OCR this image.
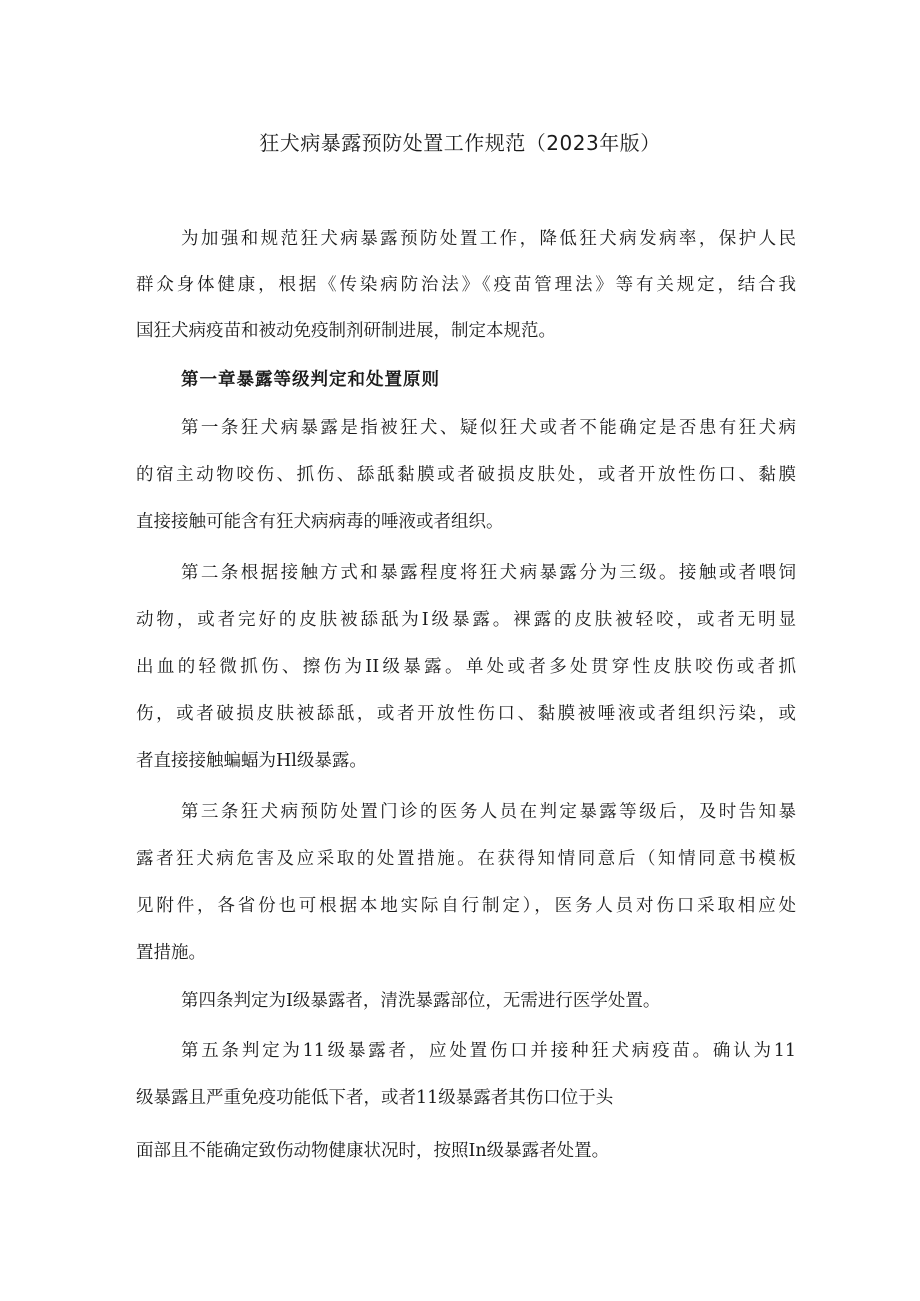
狂犬病暴露预防处置工作规范（2023年版）
为加强和规范狂犬病暴露预防处置工作，降低狂犬病发病率，保护人民
群众身体健康，根据《传染病防治法》《疫苗管理法》等有关规定，结合我
国狂犬病疫苗和被动免疫制剂研制进展，制定本规范。
第一章暴露等级判定和处置原则
第一条狂犬病暴露是指被狂犬、疑似狂犬或者不能确定是否患有狂犬病
的宿主动物咬伤、抓伤、舔舐黏膜或者破损皮肤处，或者开放性伤口、黏膜
直接接触可能含有狂犬病病毒的唾液或者组织。
第二条根据接触方式和暴露程度将狂犬病暴露分为三级。接触或者喂饲
动物，或者完好的皮肤被舔舐为I级暴露。裸露的皮肤被轻咬，或者无明显
出血的轻微抓伤、擦伤为II级暴露。单处或者多处贯穿性皮肤咬伤或者抓
伤，或者破损皮肤被舔舐，或者开放性伤口、黏膜被唾液或者组织污染，或
者直接接触蝙蝠为Hl级暴露。
第三条狂犬病预防处置门诊的医务人员在判定暴露等级后，及时告知暴
露者狂犬病危害及应采取的处置措施。在获得知情同意后（知情同意书模板
见附件，各省份也可根据本地实际自行制定），医务人员对伤口采取相应处
置措施。
第四条判定为I级暴露者，清洗暴露部位，无需进行医学处置。
第五条判定为11级暴露者，应处置伤口并接种狂犬病疫苗。确认为11
级暴露且严重免疫功能低下者，或者11级暴露者其伤口位于头
面部且不能确定致伤动物健康状况时，按照In级暴露者处置。
